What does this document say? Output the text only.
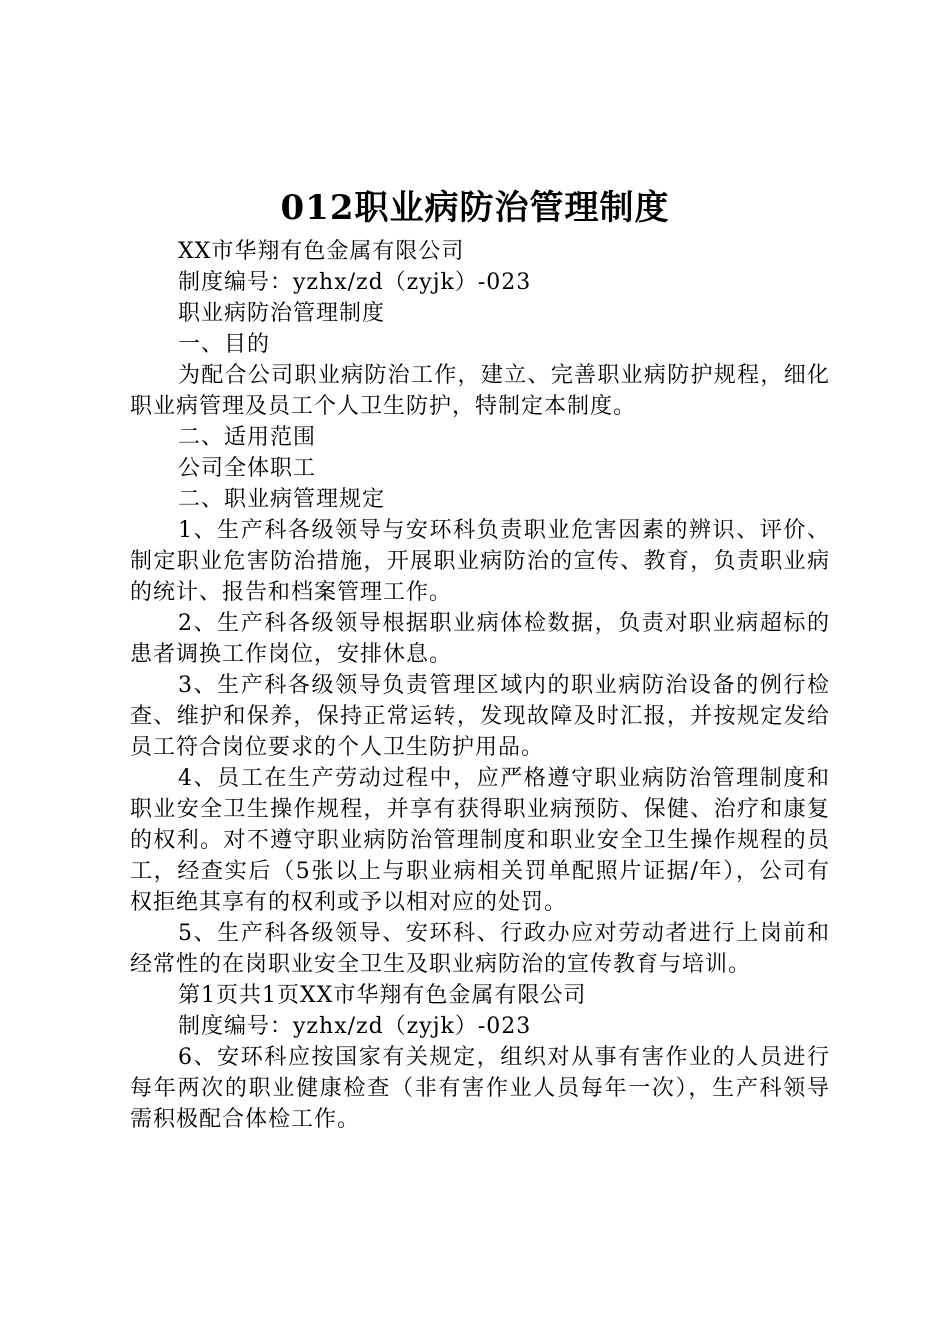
012职业病防治管理制度

XX市华翔有色金属有限公司

制度编号：yzhx/zd（zyjk）-023

职业病防治管理制度

一、目的

为配合公司职业病防治工作，建立、完善职业病防护规程，细化职业病管理及员工个人卫生防护，特制定本制度。

二、适用范围

公司全体职工

二、职业病管理规定

1、生产科各级领导与安环科负责职业危害因素的辨识、评价、制定职业危害防治措施，开展职业病防治的宣传、教育，负责职业病的统计、报告和档案管理工作。

2、生产科各级领导根据职业病体检数据，负责对职业病超标的患者调换工作岗位，安排休息。

3、生产科各级领导负责管理区域内的职业病防治设备的例行检查、维护和保养，保持正常运转，发现故障及时汇报，并按规定发给员工符合岗位要求的个人卫生防护用品。

4、员工在生产劳动过程中，应严格遵守职业病防治管理制度和职业安全卫生操作规程，并享有获得职业病预防、保健、治疗和康复的权利。对不遵守职业病防治管理制度和职业安全卫生操作规程的员工，经查实后（5张以上与职业病相关罚单配照片证据/年），公司有权拒绝其享有的权利或予以相对应的处罚。

5、生产科各级领导、安环科、行政办应对劳动者进行上岗前和经常性的在岗职业安全卫生及职业病防治的宣传教育与培训。

第1页共1页XX市华翔有色金属有限公司

制度编号：yzhx/zd（zyjk）-023

6、安环科应按国家有关规定，组织对从事有害作业的人员进行每年两次的职业健康检查（非有害作业人员每年一次），生产科领导需积极配合体检工作。
